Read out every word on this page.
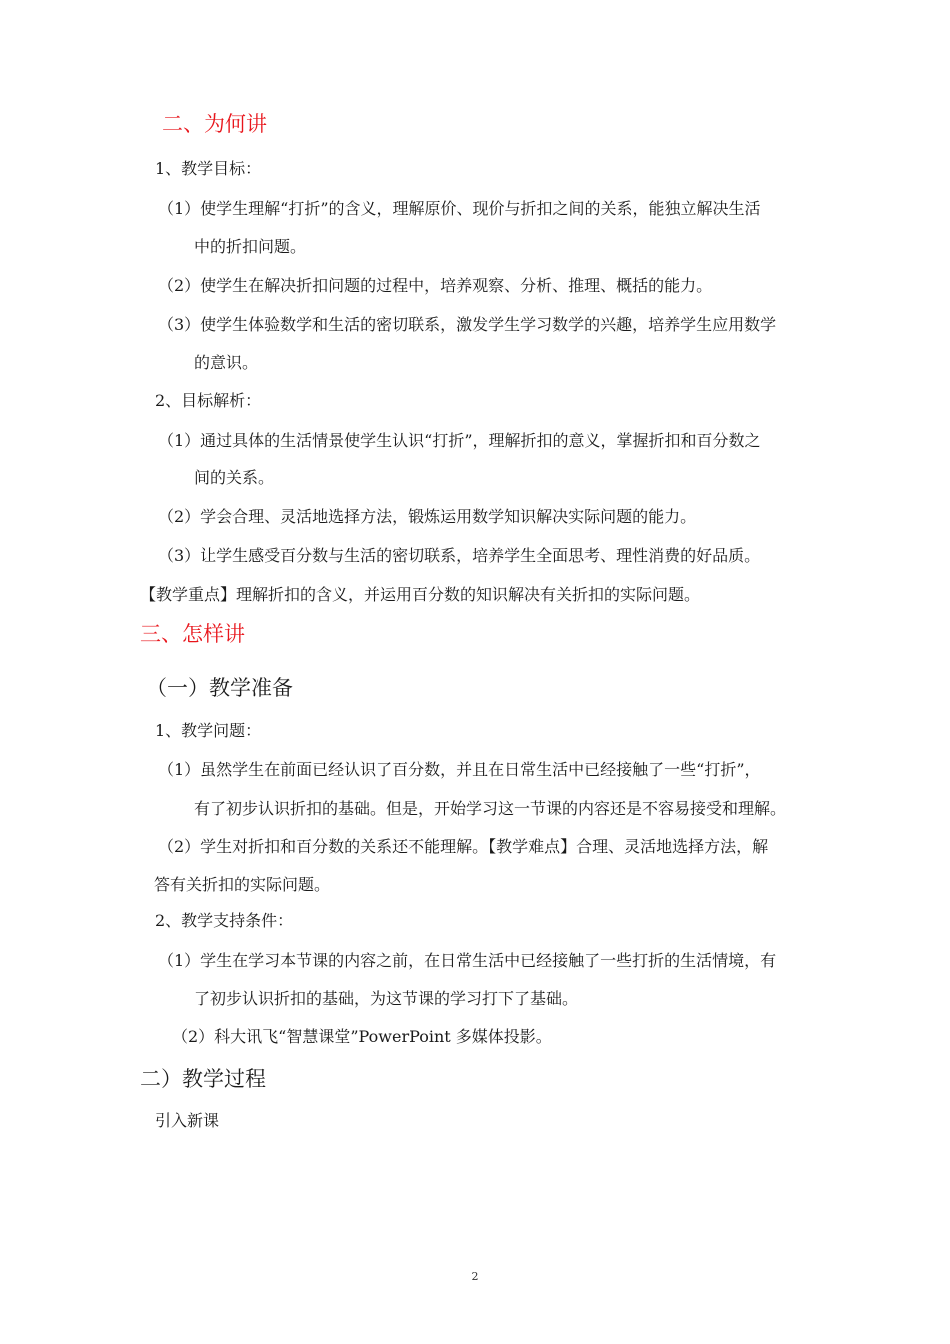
二、为何讲
1、教学目标：
（1）使学生理解“打折”的含义，理解原价、现价与折扣之间的关系，能独立解决生活
中的折扣问题。
（2）使学生在解决折扣问题的过程中，培养观察、分析、推理、概括的能力。
（3）使学生体验数学和生活的密切联系，激发学生学习数学的兴趣，培养学生应用数学
的意识。
2、目标解析：
（1）通过具体的生活情景使学生认识“打折”，理解折扣的意义，掌握折扣和百分数之
间的关系。
（2）学会合理、灵活地选择方法，锻炼运用数学知识解决实际问题的能力。
（3）让学生感受百分数与生活的密切联系，培养学生全面思考、理性消费的好品质。
【教学重点】理解折扣的含义，并运用百分数的知识解决有关折扣的实际问题。
三、怎样讲
（一）教学准备
1、教学问题：
（1）虽然学生在前面已经认识了百分数，并且在日常生活中已经接触了一些“打折”，
有了初步认识折扣的基础。但是，开始学习这一节课的内容还是不容易接受和理解。
（2）学生对折扣和百分数的关系还不能理解。【教学难点】合理、灵活地选择方法，解
答有关折扣的实际问题。
2、教学支持条件：
（1）学生在学习本节课的内容之前，在日常生活中已经接触了一些打折的生活情境，有
了初步认识折扣的基础，为这节课的学习打下了基础。
（2）科大讯飞“智慧课堂”PowerPoint 多媒体投影。
二）教学过程
引入新课
2
